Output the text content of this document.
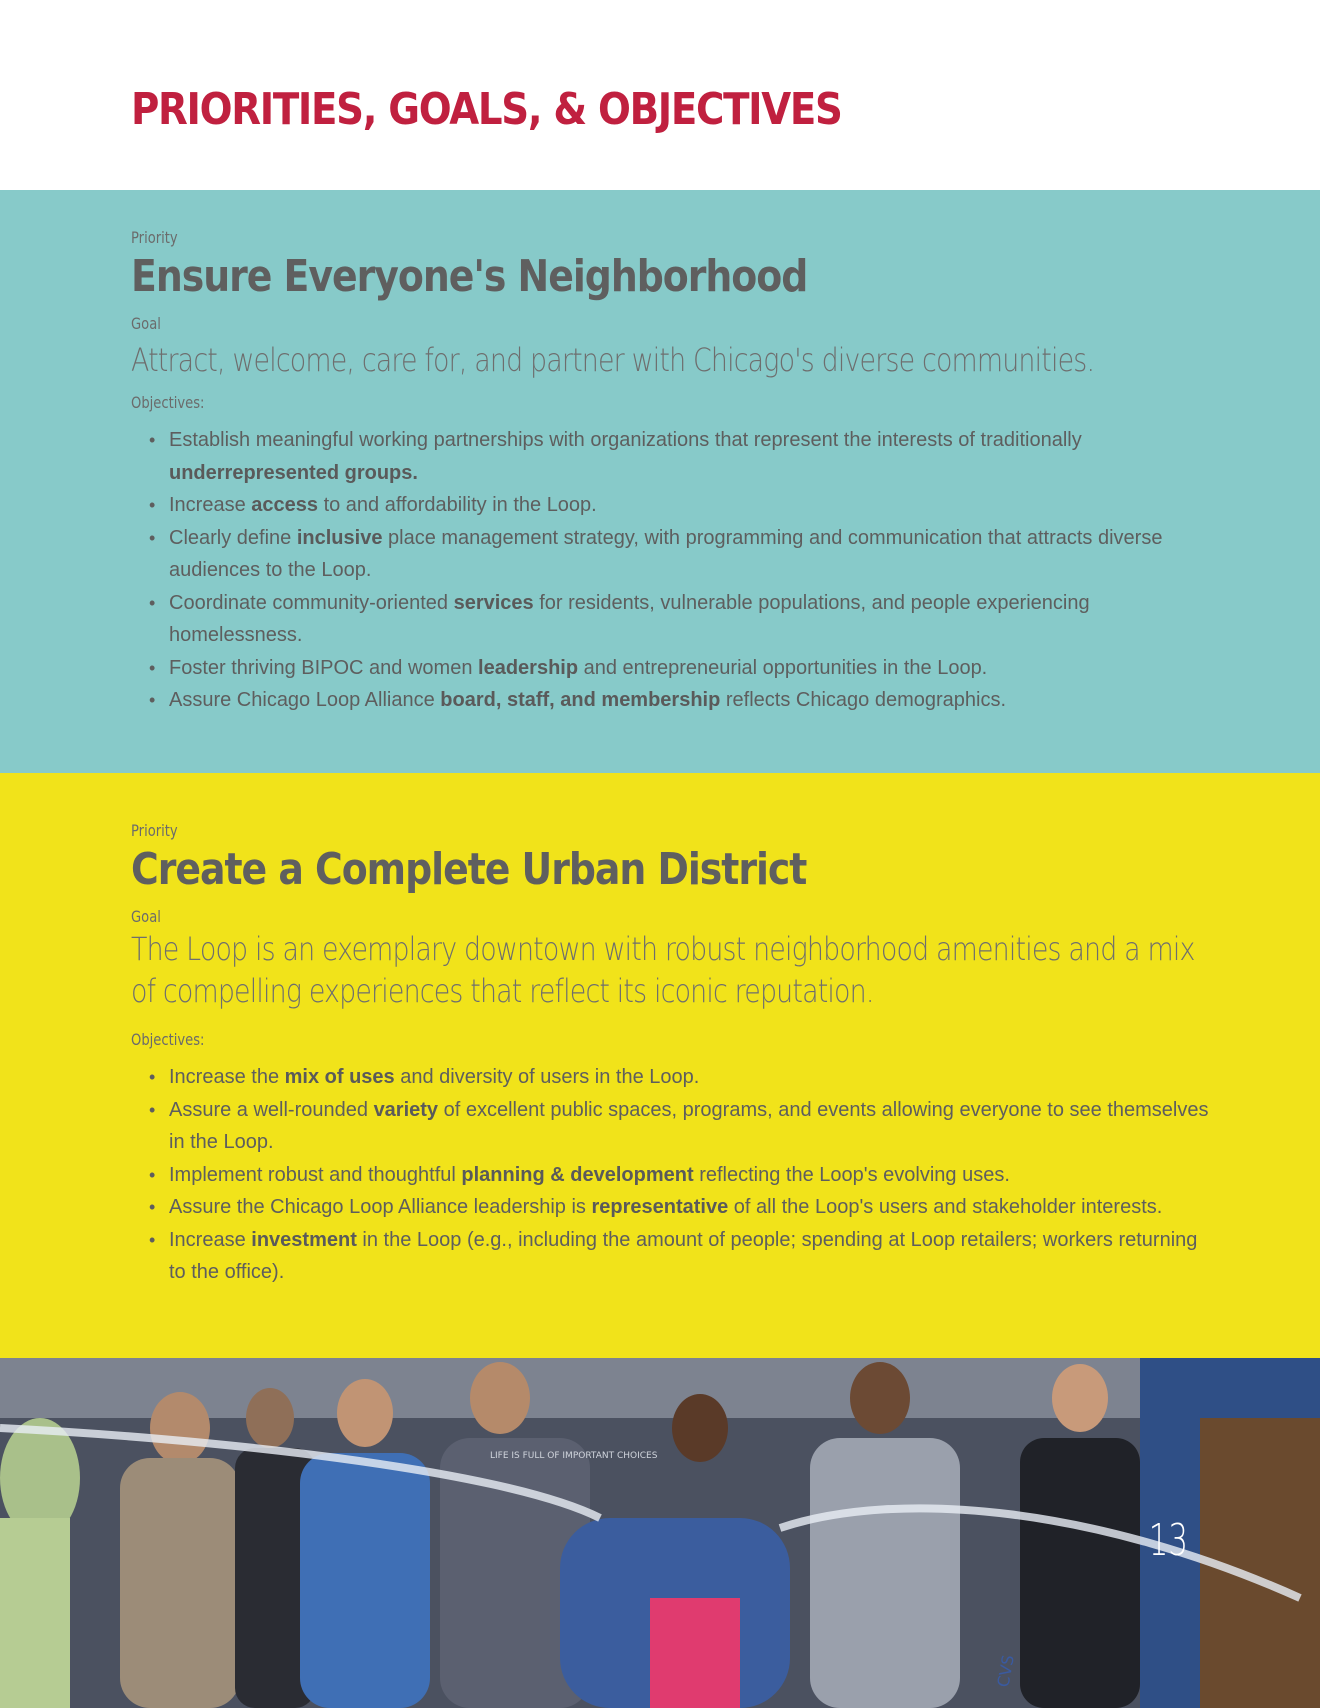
PRIORITIES, GOALS, & OBJECTIVES
Priority
Ensure Everyone's Neighborhood
Goal
Attract, welcome, care for, and partner with Chicago's diverse communities.
Objectives:
• Establish meaningful working partnerships with organizations that represent the interests of traditionally underrepresented groups.
• Increase access to and affordability in the Loop.
• Clearly define inclusive place management strategy, with programming and communication that attracts diverse audiences to the Loop.
• Coordinate community-oriented services for residents, vulnerable populations, and people experiencing homelessness.
• Foster thriving BIPOC and women leadership and entrepreneurial opportunities in the Loop.
• Assure Chicago Loop Alliance board, staff, and membership reflects Chicago demographics.
Priority
Create a Complete Urban District
Goal
The Loop is an exemplary downtown with robust neighborhood amenities and a mix of compelling experiences that reflect its iconic reputation.
Objectives:
• Increase the mix of uses and diversity of users in the Loop.
• Assure a well-rounded variety of excellent public spaces, programs, and events allowing everyone to see themselves in the Loop.
• Implement robust and thoughtful planning & development reflecting the Loop's evolving uses.
• Assure the Chicago Loop Alliance leadership is representative of all the Loop's users and stakeholder interests.
• Increase investment in the Loop (e.g., including the amount of people; spending at Loop retailers; workers returning to the office).
LIFE IS FULL OF IMPORTANT CHOICES
CVS
13
